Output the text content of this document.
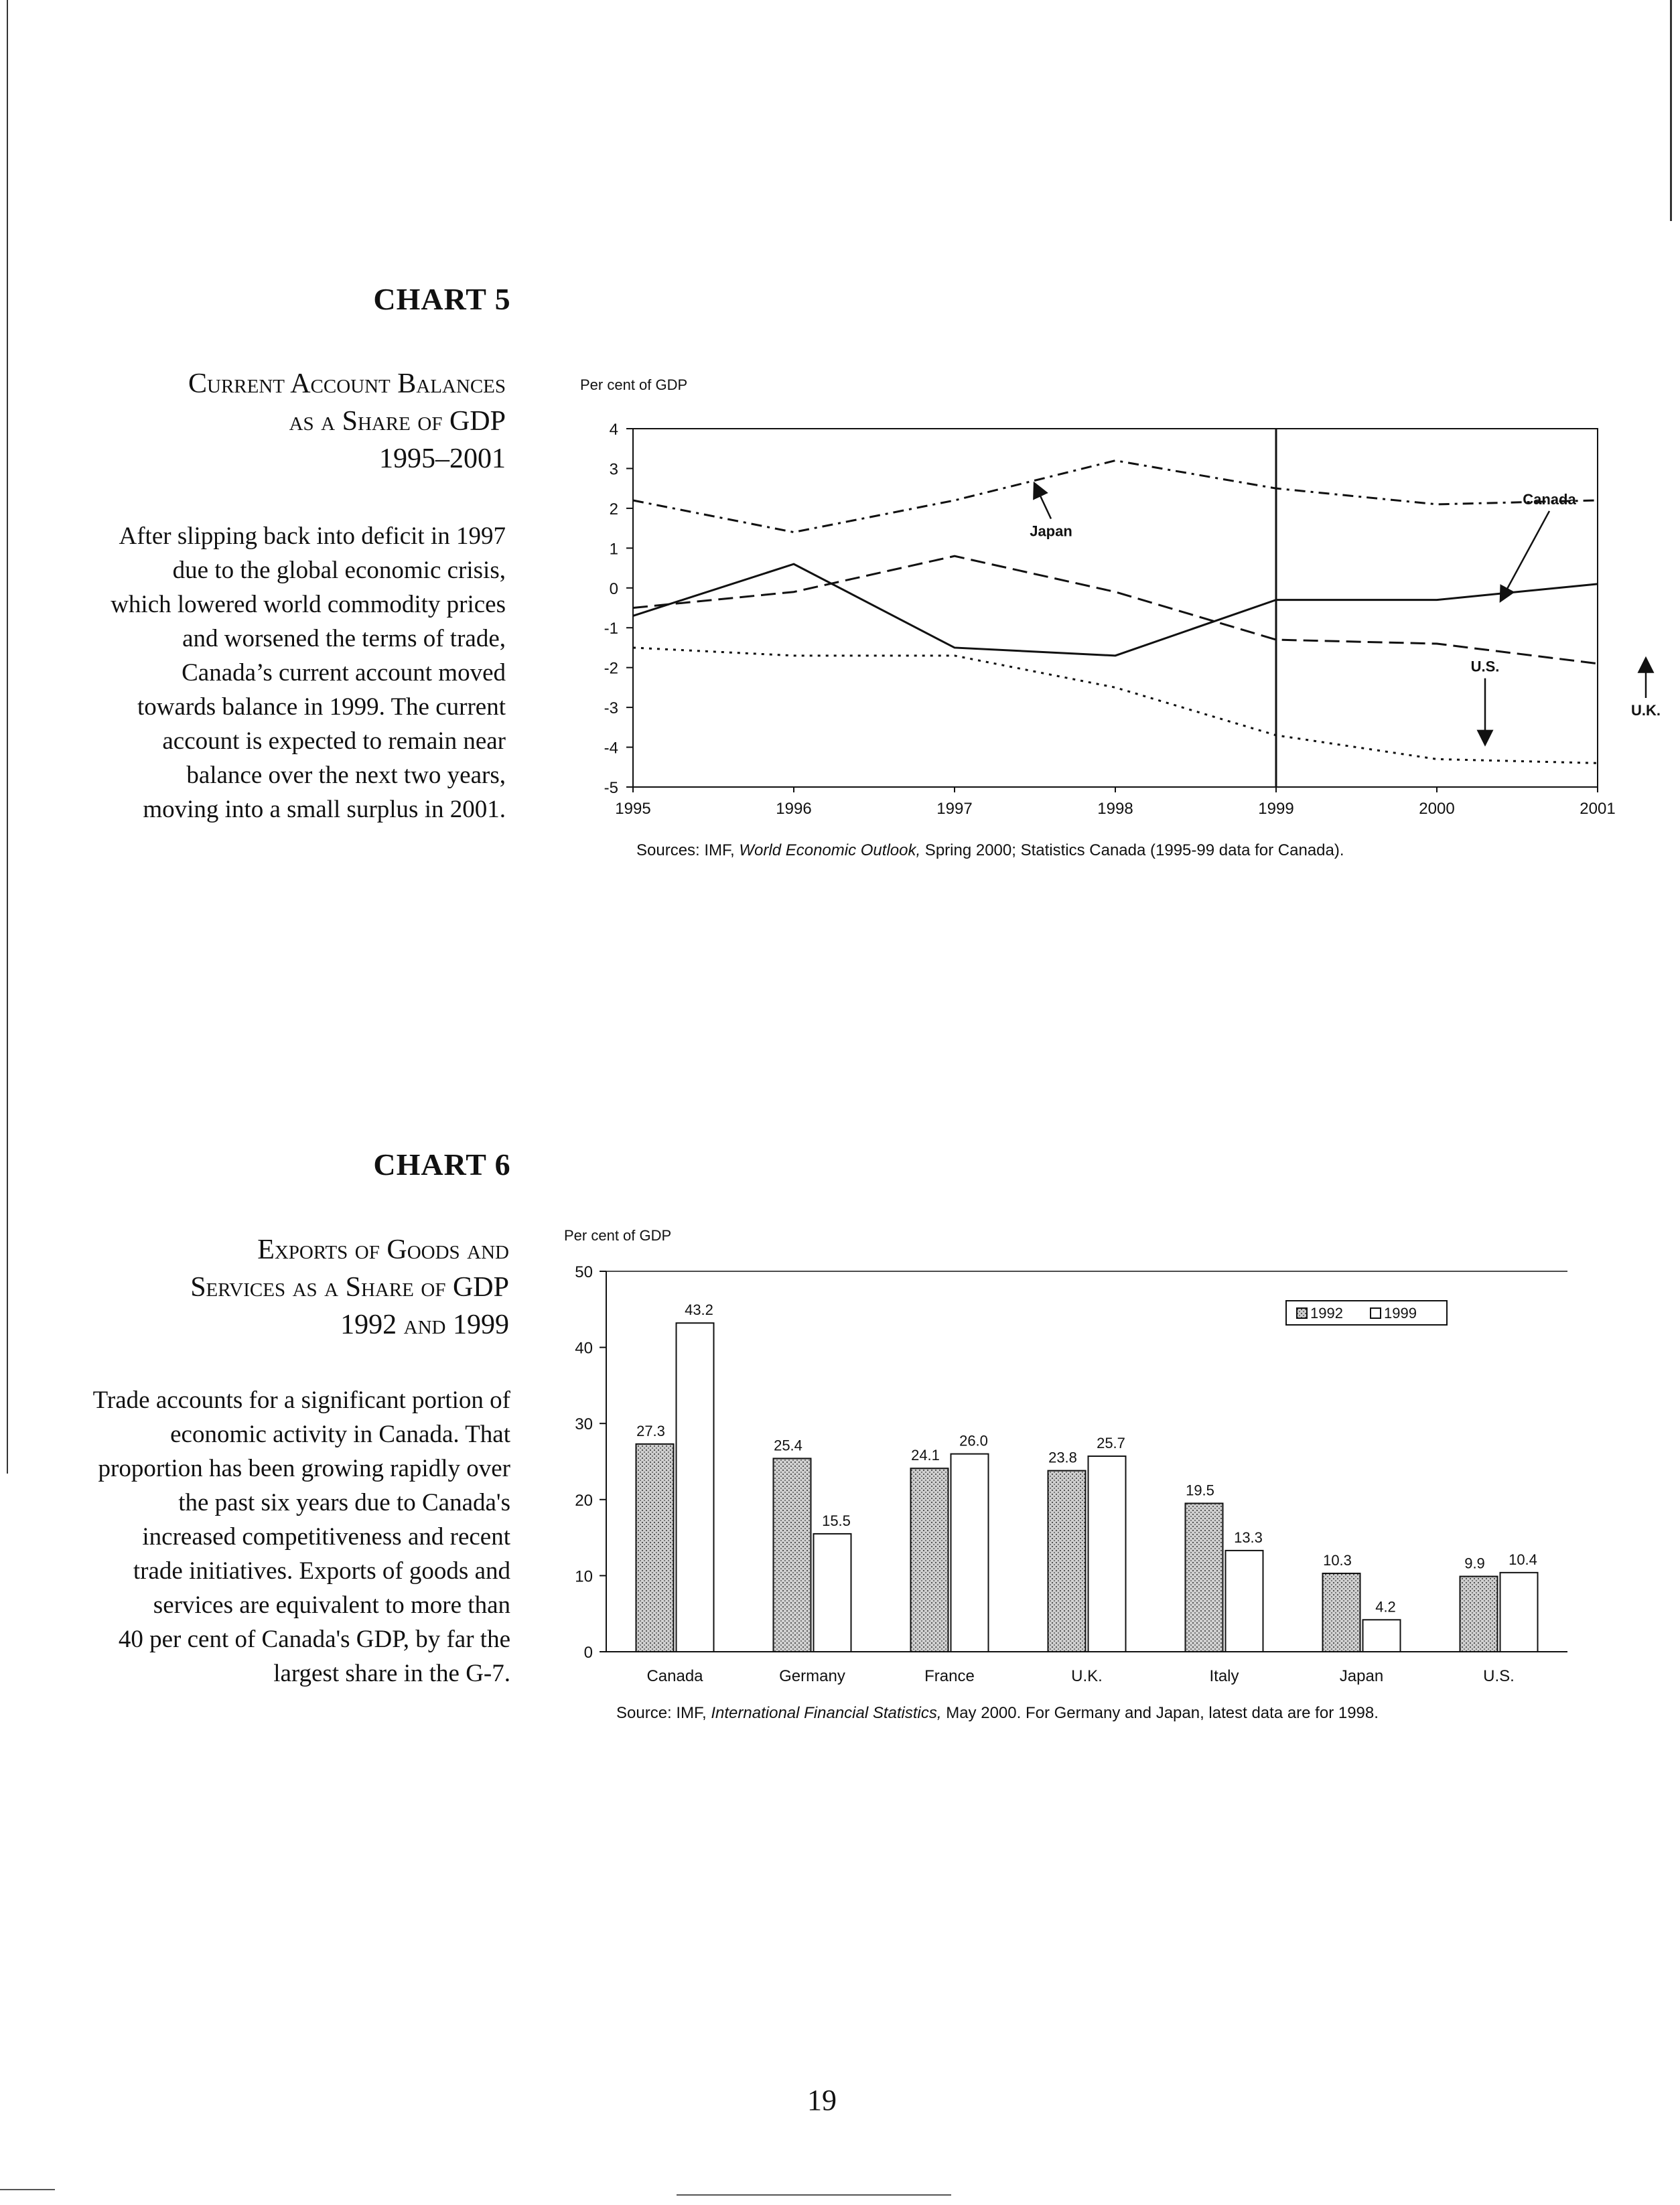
CHART 5
Current Account Balances
as a Share of GDP
1995–2001
After slipping back into deficit in 1997
due to the global economic crisis,
which lowered world commodity prices
and worsened the terms of trade,
Canada’s current account moved
towards balance in 1999. The current
account is expected to remain near
balance over the next two years,
moving into a small surplus in 2001.
Per cent of GDP
4
3
2
1
0
-1
-2
-3
-4
-5
1995	1996	1997	1998	1999	2000	2001
Japan
Canada
U.S.
U.K.
Sources: IMF, World Economic Outlook, Spring 2000; Statistics Canada (1995-99 data for Canada).
CHART 6
Exports of Goods and
Services as a Share of GDP
1992 and 1999
Trade accounts for a significant portion of
economic activity in Canada. That
proportion has been growing rapidly over
the past six years due to Canada's
increased competitiveness and recent
trade initiatives. Exports of goods and
services are equivalent to more than
40 per cent of Canada's GDP, by far the
largest share in the G-7.
Per cent of GDP
50
40
30
20
10
0
27.3
43.2
Canada
25.4
15.5
Germany
24.1
26.0
France
23.8
25.7
U.K.
19.5
13.3
Italy
10.3
4.2
Japan
9.9 10.4
U.S.
1992	1999
Source: IMF, International Financial Statistics, May 2000. For Germany and Japan, latest data are for 1998.
19
